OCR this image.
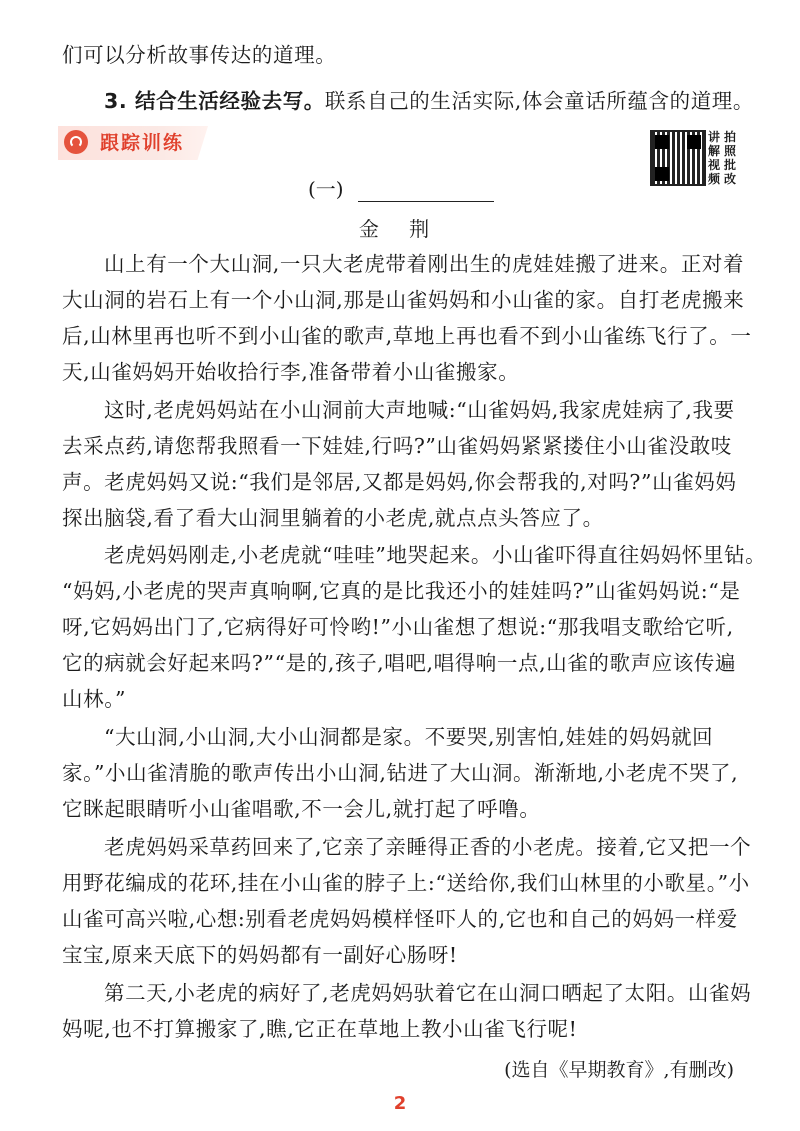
们可以分析故事传达的道理。
3. 结合生活经验去写。联系自己的生活实际,体会童话所蕴含的道理。
跟踪训练	讲 拍
解 照
视 批
频 改
(一)
金 荆
山上有一个大山洞,一只大老虎带着刚出生的虎娃娃搬了进来。正对着
大山洞的岩石上有一个小山洞,那是山雀妈妈和小山雀的家。自打老虎搬来
后,山林里再也听不到小山雀的歌声,草地上再也看不到小山雀练飞行了。一
天,山雀妈妈开始收拾行李,准备带着小山雀搬家。
这时,老虎妈妈站在小山洞前大声地喊:“山雀妈妈,我家虎娃病了,我要
去采点药,请您帮我照看一下娃娃,行吗?”山雀妈妈紧紧搂住小山雀没敢吱
声。老虎妈妈又说:“我们是邻居,又都是妈妈,你会帮我的,对吗?”山雀妈妈
探出脑袋,看了看大山洞里躺着的小老虎,就点点头答应了。
老虎妈妈刚走,小老虎就“哇哇”地哭起来。小山雀吓得直往妈妈怀里钻。
“妈妈,小老虎的哭声真响啊,它真的是比我还小的娃娃吗?”山雀妈妈说:“是
呀,它妈妈出门了,它病得好可怜哟!”小山雀想了想说:“那我唱支歌给它听,
它的病就会好起来吗?”“是的,孩子,唱吧,唱得响一点,山雀的歌声应该传遍
山林。”
“大山洞,小山洞,大小山洞都是家。不要哭,别害怕,娃娃的妈妈就回
家。”小山雀清脆的歌声传出小山洞,钻进了大山洞。渐渐地,小老虎不哭了,
它眯起眼睛听小山雀唱歌,不一会儿,就打起了呼噜。
老虎妈妈采草药回来了,它亲了亲睡得正香的小老虎。接着,它又把一个
用野花编成的花环,挂在小山雀的脖子上:“送给你,我们山林里的小歌星。”小
山雀可高兴啦,心想:别看老虎妈妈模样怪吓人的,它也和自己的妈妈一样爱
宝宝,原来天底下的妈妈都有一副好心肠呀!
第二天,小老虎的病好了,老虎妈妈驮着它在山洞口晒起了太阳。山雀妈
妈呢,也不打算搬家了,瞧,它正在草地上教小山雀飞行呢!
(选自《早期教育》,有删改)
2
